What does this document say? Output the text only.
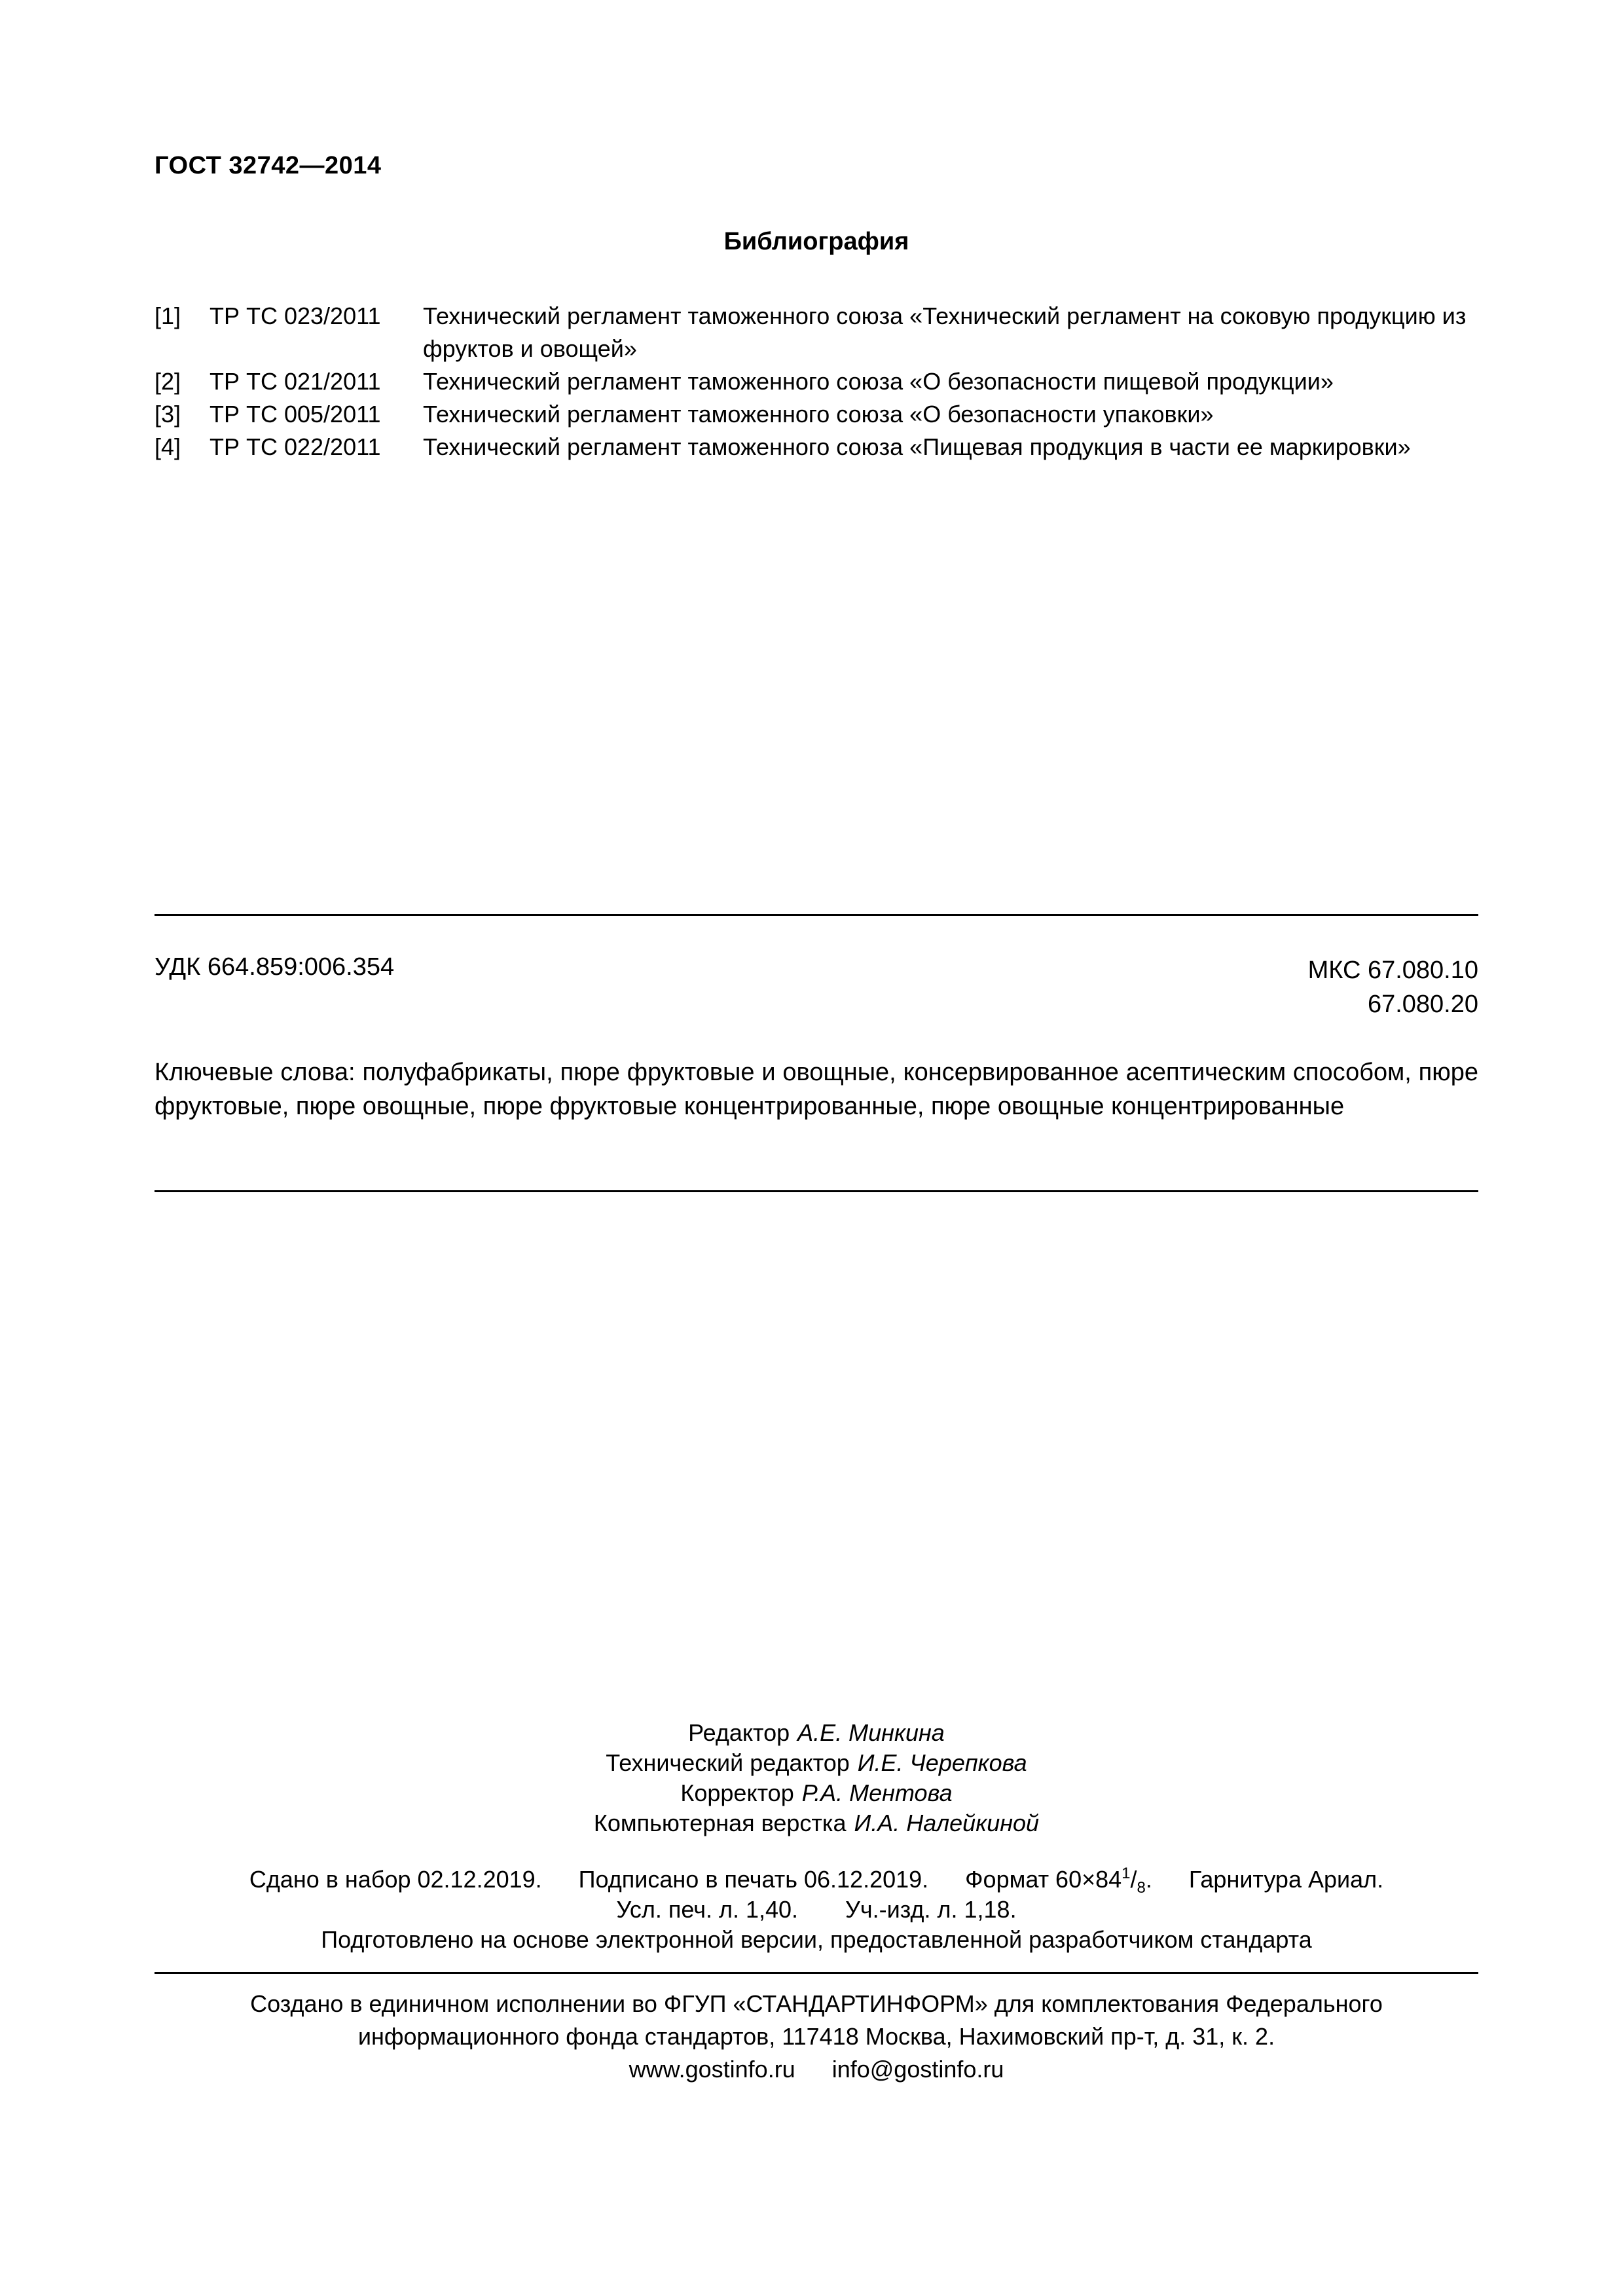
ГОСТ 32742—2014
Библиография
[1] ТР ТС 023/2011 Технический регламент таможенного союза «Технический регламент на соковую продукцию из фруктов и овощей»
[2] ТР ТС 021/2011 Технический регламент таможенного союза «О безопасности пищевой продукции»
[3] ТР ТС 005/2011 Технический регламент таможенного союза «О безопасности упаковки»
[4] ТР ТС 022/2011 Технический регламент таможенного союза «Пищевая продукция в части ее маркировки»
УДК 664.859:006.354	МКС 67.080.10
67.080.20
Ключевые слова: полуфабрикаты, пюре фруктовые и овощные, консервированное асептическим способом, пюре фруктовые, пюре овощные, пюре фруктовые концентрированные, пюре овощные концентрированные
Редактор А.Е. Минкина
Технический редактор И.Е. Черепкова
Корректор Р.А. Ментова
Компьютерная верстка И.А. Налейкиной
Сдано в набор 02.12.2019. Подписано в печать 06.12.2019. Формат $60\times 84^1/_8$. Гарнитура Ариал.
Усл. печ. л. 1,40. Уч.-изд. л. 1,18.
Подготовлено на основе электронной версии, предоставленной разработчиком стандарта
Создано в единичном исполнении во ФГУП «СТАНДАРТИНФОРМ» для комплектования Федерального
информационного фонда стандартов, 117418 Москва, Нахимовский пр-т, д. 31, к. 2.
www.gostinfo.ru info@gostinfo.ru
